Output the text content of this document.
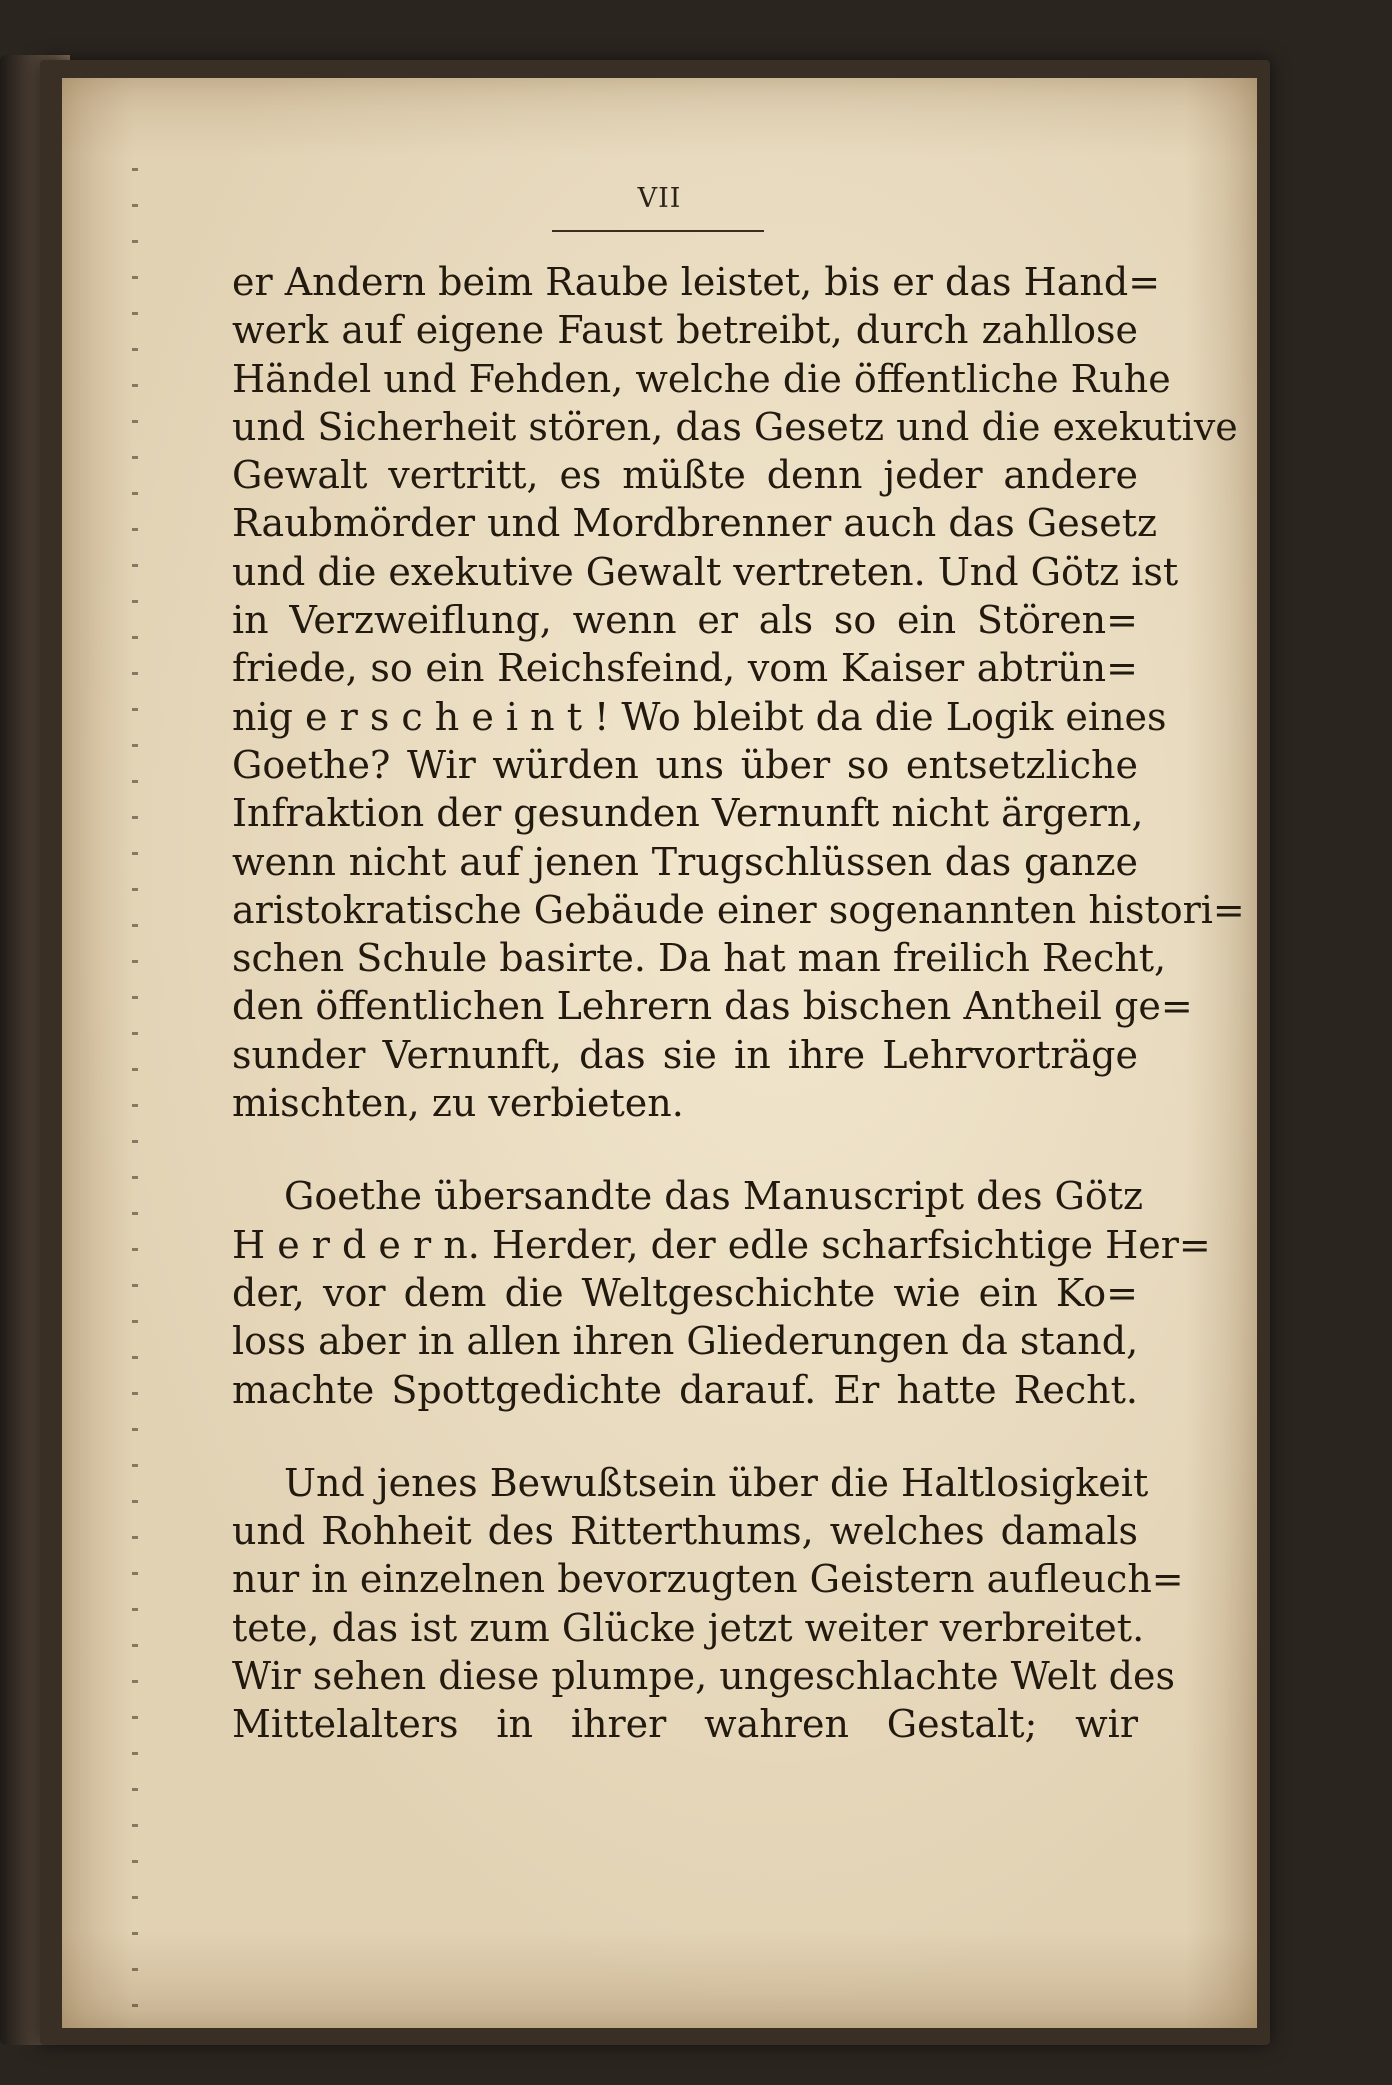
VII

er Andern beim Raube leistet, bis er das Hand=
werk auf eigene Faust betreibt, durch zahllose
Händel und Fehden, welche die öffentliche Ruhe
und Sicherheit stören, das Gesetz und die exekutive
Gewalt vertritt, es müßte denn jeder andere
Raubmörder und Mordbrenner auch das Gesetz
und die exekutive Gewalt vertreten. Und Götz ist
in Verzweiflung, wenn er als so ein Stören=
friede, so ein Reichsfeind, vom Kaiser abtrün=
nig e r s c h e i n t ! Wo bleibt da die Logik eines
Goethe? Wir würden uns über so entsetzliche
Infraktion der gesunden Vernunft nicht ärgern,
wenn nicht auf jenen Trugschlüssen das ganze
aristokratische Gebäude einer sogenannten histori=
schen Schule basirte. Da hat man freilich Recht,
den öffentlichen Lehrern das bischen Antheil ge=
sunder Vernunft, das sie in ihre Lehrvorträge
mischten, zu verbieten.

Goethe übersandte das Manuscript des Götz
H e r d e r n. Herder, der edle scharfsichtige Her=
der, vor dem die Weltgeschichte wie ein Ko=
loss aber in allen ihren Gliederungen da stand,
machte Spottgedichte darauf. Er hatte Recht.

Und jenes Bewußtsein über die Haltlosigkeit
und Rohheit des Ritterthums, welches damals
nur in einzelnen bevorzugten Geistern aufleuch=
tete, das ist zum Glücke jetzt weiter verbreitet.
Wir sehen diese plumpe, ungeschlachte Welt des
Mittelalters in ihrer wahren Gestalt; wir
